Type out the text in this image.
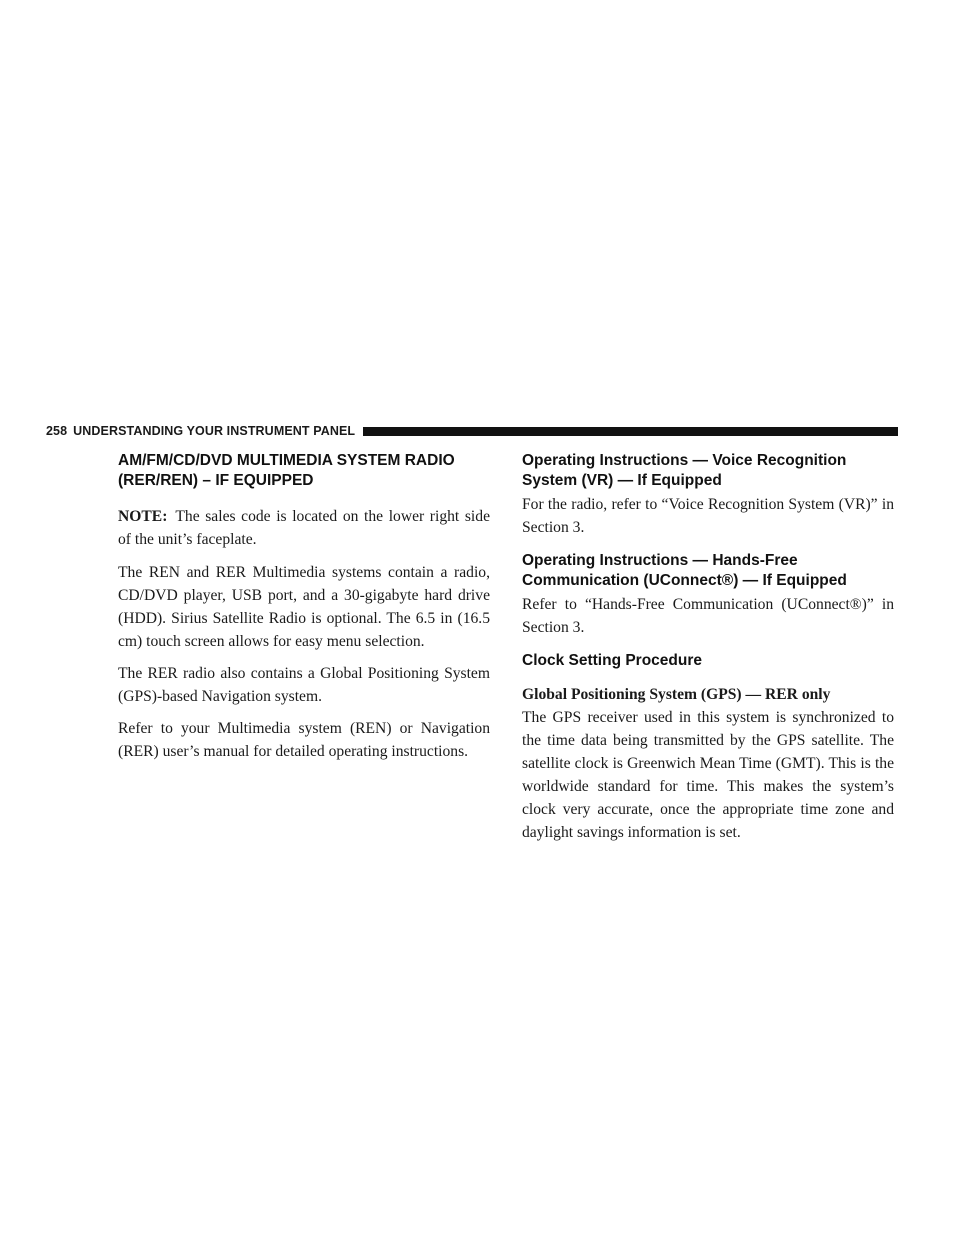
258 UNDERSTANDING YOUR INSTRUMENT PANEL
AM/FM/CD/DVD MULTIMEDIA SYSTEM RADIO
(RER/REN) – IF EQUIPPED

NOTE: The sales code is located on the lower right side of the unit’s faceplate.

The REN and RER Multimedia systems contain a radio, CD/DVD player, USB port, and a 30-gigabyte hard drive (HDD). Sirius Satellite Radio is optional. The 6.5 in (16.5 cm) touch screen allows for easy menu selection.

The RER radio also contains a Global Positioning System (GPS)-based Navigation system.

Refer to your Multimedia system (REN) or Navigation (RER) user’s manual for detailed operating instructions.

Operating Instructions — Voice Recognition
System (VR) — If Equipped

For the radio, refer to “Voice Recognition System (VR)” in Section 3.

Operating Instructions — Hands-Free
Communication (UConnect®) — If Equipped

Refer to “Hands-Free Communication (UConnect®)” in Section 3.

Clock Setting Procedure
Global Positioning System (GPS) — RER only

The GPS receiver used in this system is synchronized to the time data being transmitted by the GPS satellite. The satellite clock is Greenwich Mean Time (GMT). This is the worldwide standard for time. This makes the system’s clock very accurate, once the appropriate time zone and daylight savings information is set.
